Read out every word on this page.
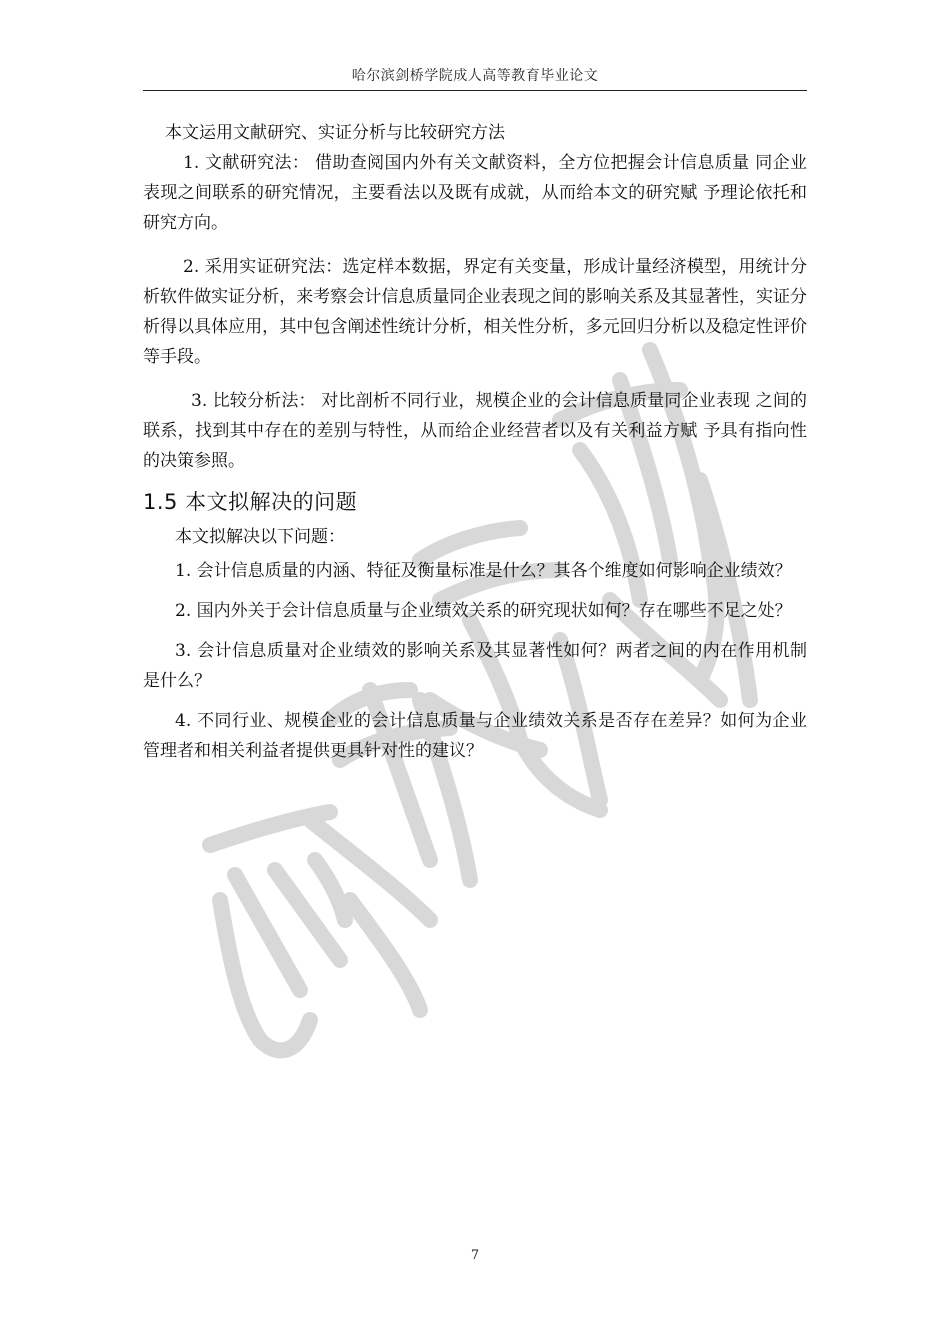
哈尔滨剑桥学院成人高等教育毕业论文

本文运用文献研究、实证分析与比较研究方法

1. 文献研究法： 借助查阅国内外有关文献资料，全方位把握会计信息质量 同企业表现之间联系的研究情况，主要看法以及既有成就，从而给本文的研究赋 予理论依托和研究方向。

2. 采用实证研究法：选定样本数据，界定有关变量，形成计量经济模型，用统计分析软件做实证分析，来考察会计信息质量同企业表现之间的影响关系及其显著性，实证分析得以具体应用，其中包含阐述性统计分析，相关性分析，多元回归分析以及稳定性评价等手段。

3. 比较分析法： 对比剖析不同行业，规模企业的会计信息质量同企业表现 之间的联系，找到其中存在的差别与特性，从而给企业经营者以及有关利益方赋 予具有指向性的决策参照。

1.5 本文拟解决的问题

本文拟解决以下问题：

1. 会计信息质量的内涵、特征及衡量标准是什么？其各个维度如何影响企业绩效？

2. 国内外关于会计信息质量与企业绩效关系的研究现状如何？存在哪些不足之处？

3. 会计信息质量对企业绩效的影响关系及其显著性如何？两者之间的内在作用机制是什么？

4. 不同行业、规模企业的会计信息质量与企业绩效关系是否存在差异？如何为企业管理者和相关利益者提供更具针对性的建议？

7
